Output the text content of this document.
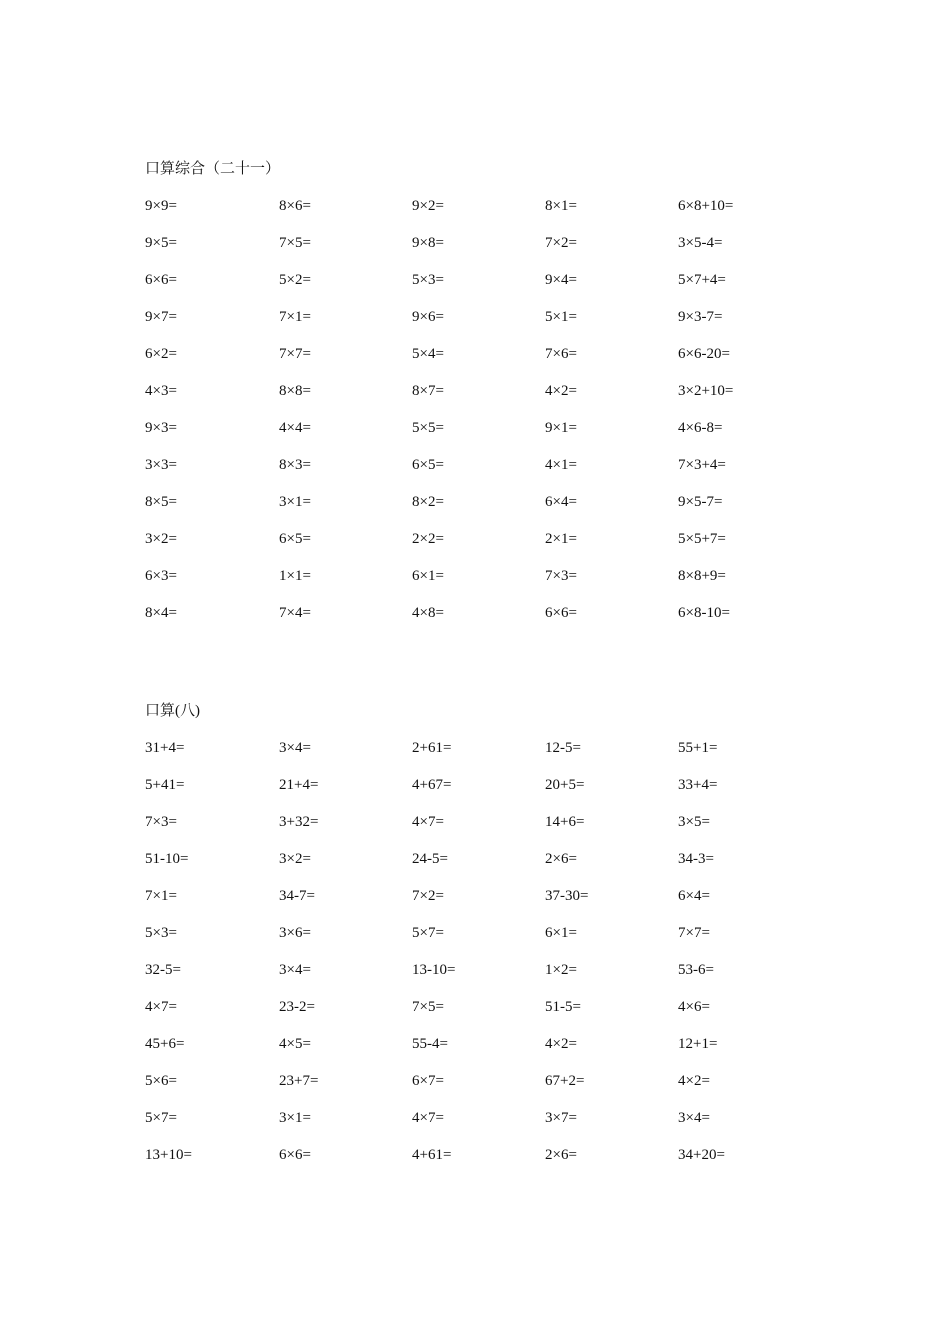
口算综合（二十一）
9×9=	8×6=	9×2=	8×1=	6×8+10=
9×5=	7×5=	9×8=	7×2=	3×5-4=
6×6=	5×2=	5×3=	9×4=	5×7+4=
9×7=	7×1=	9×6=	5×1=	9×3-7=
6×2=	7×7=	5×4=	7×6=	6×6-20=
4×3=	8×8=	8×7=	4×2=	3×2+10=
9×3=	4×4=	5×5=	9×1=	4×6-8=
3×3=	8×3=	6×5=	4×1=	7×3+4=
8×5=	3×1=	8×2=	6×4=	9×5-7=
3×2=	6×5=	2×2=	2×1=	5×5+7=
6×3=	1×1=	6×1=	7×3=	8×8+9=
8×4=	7×4=	4×8=	6×6=	6×8-10=
口算(八)
31+4=	3×4=	2+61=	12-5=	55+1=
5+41=	21+4=	4+67=	20+5=	33+4=
7×3=	3+32=	4×7=	14+6=	3×5=
51-10=	3×2=	24-5=	2×6=	34-3=
7×1=	34-7=	7×2=	37-30=	6×4=
5×3=	3×6=	5×7=	6×1=	7×7=
32-5=	3×4=	13-10=	1×2=	53-6=
4×7=	23-2=	7×5=	51-5=	4×6=
45+6=	4×5=	55-4=	4×2=	12+1=
5×6=	23+7=	6×7=	67+2=	4×2=
5×7=	3×1=	4×7=	3×7=	3×4=
13+10=	6×6=	4+61=	2×6=	34+20=
